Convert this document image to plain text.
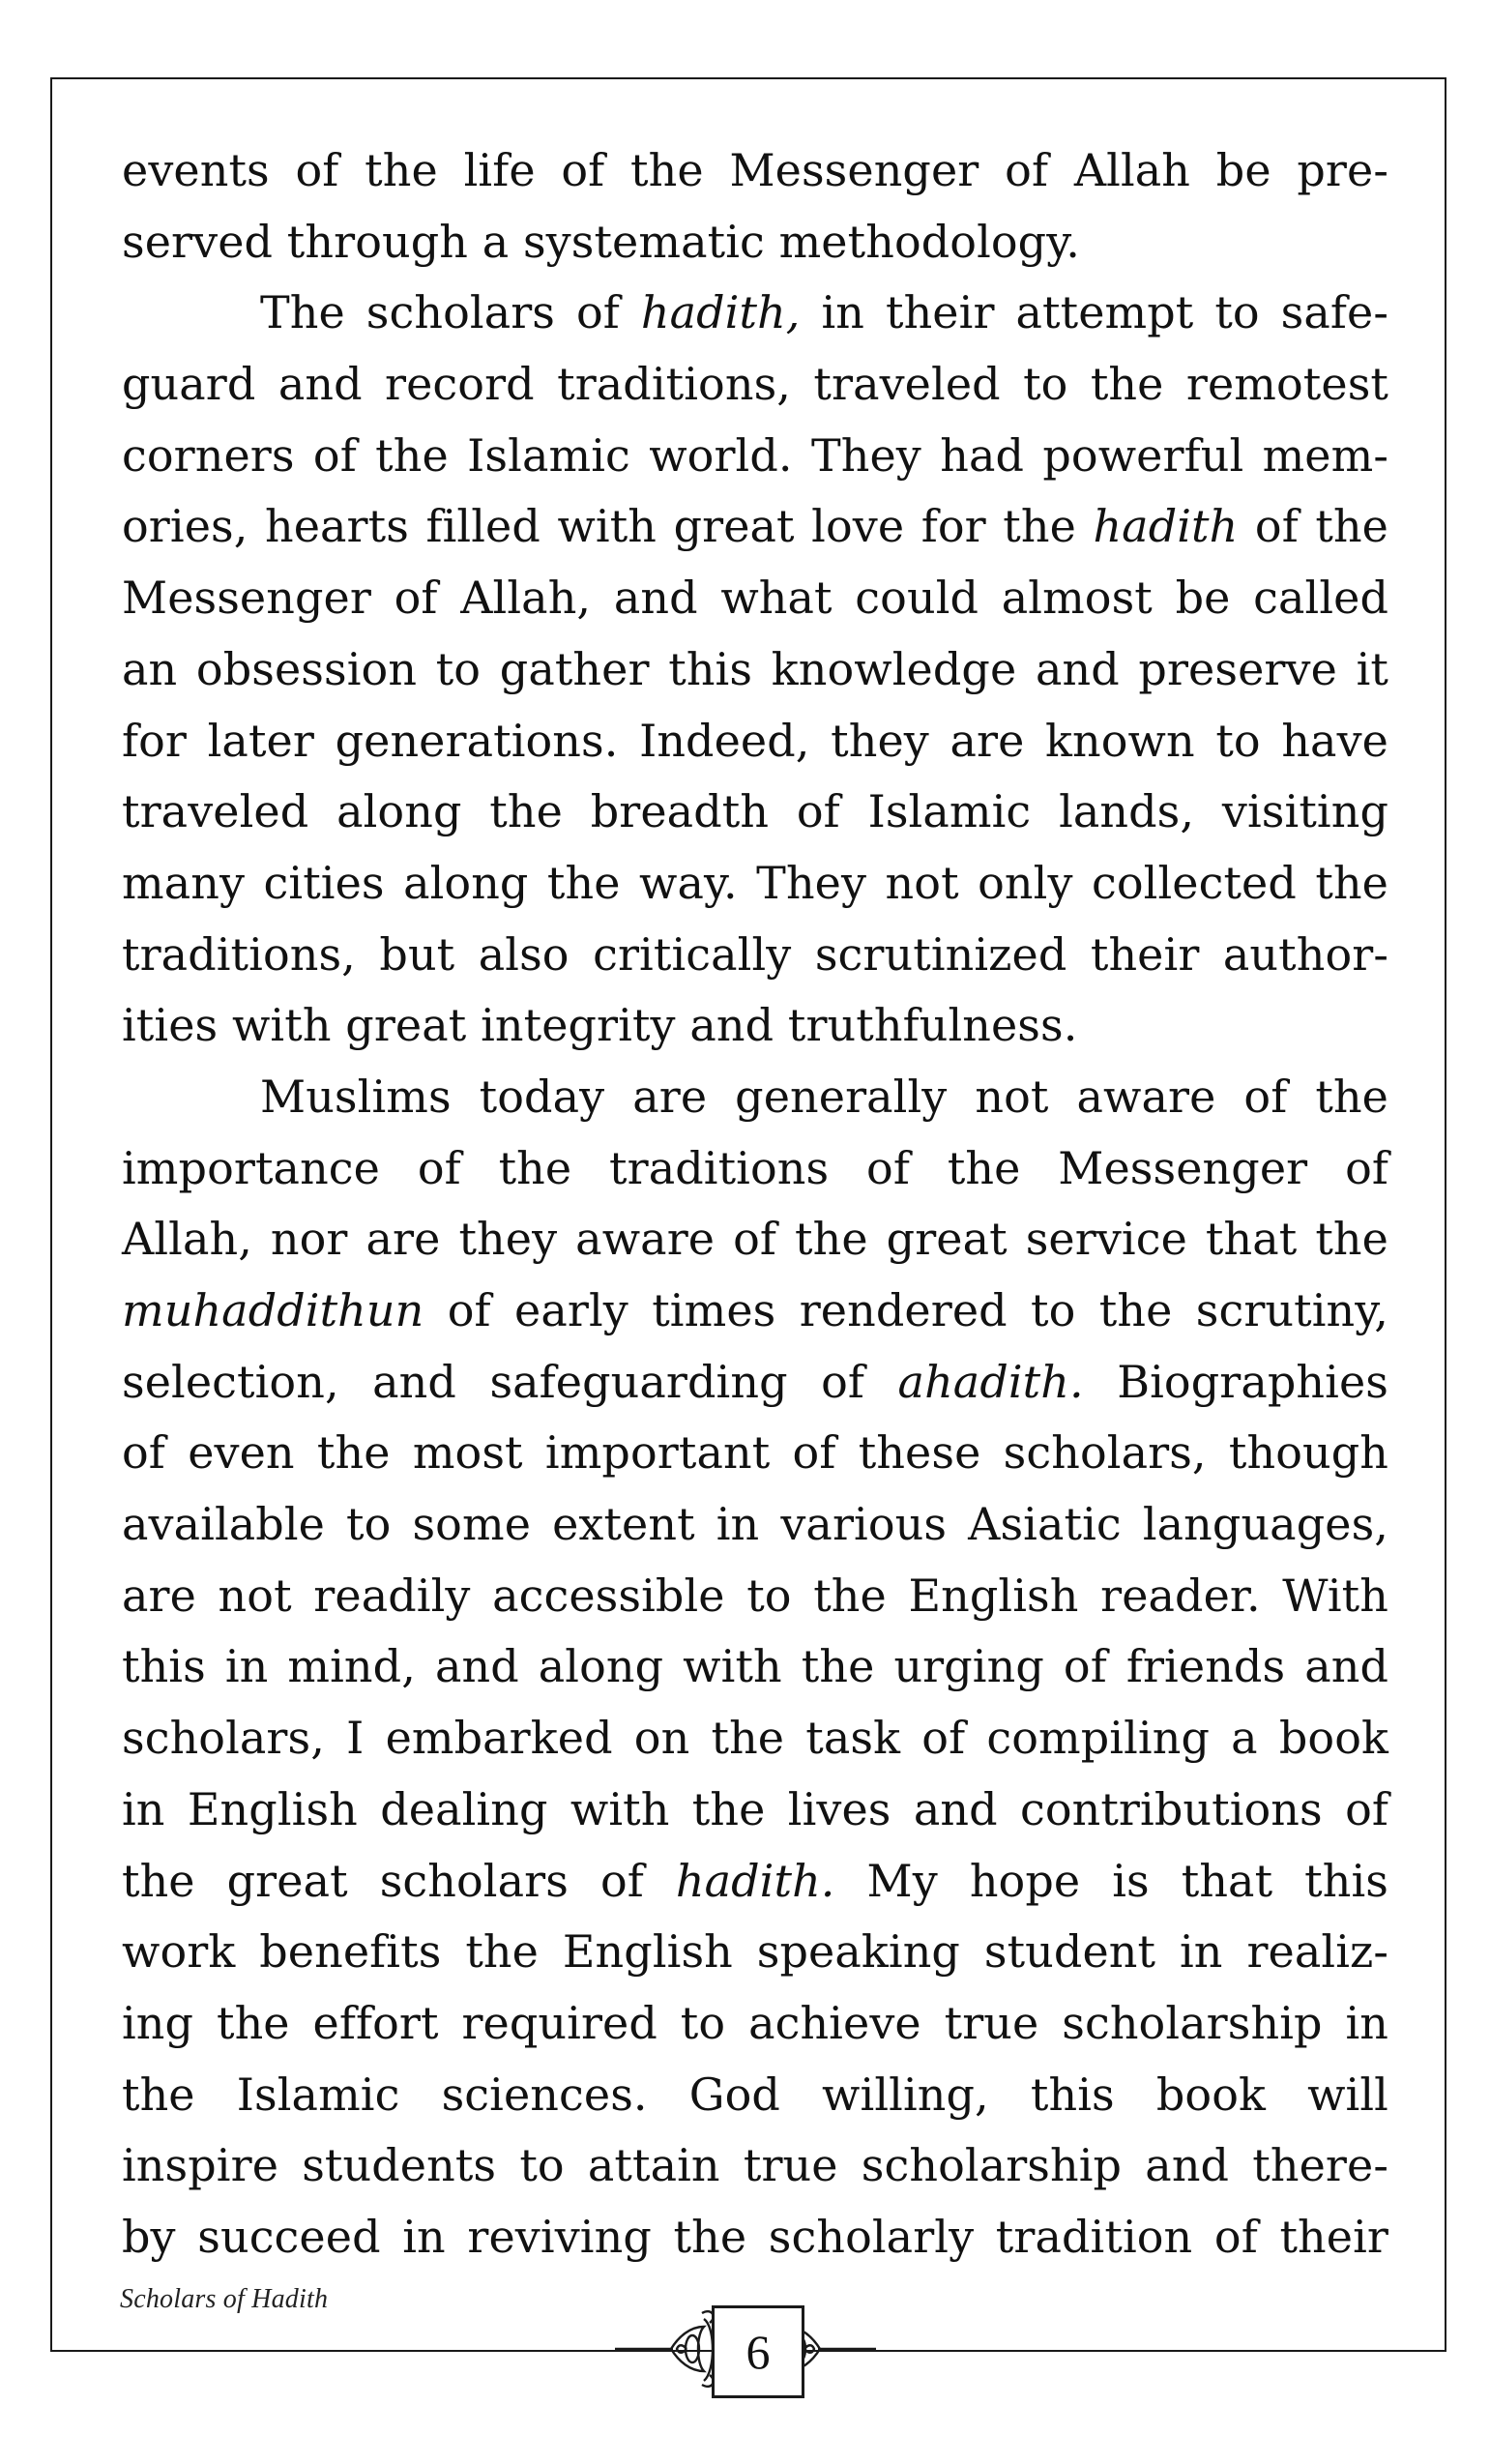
events of the life of the Messenger of Allah be pre-
served through a systematic methodology.
The scholars of hadith, in their attempt to safe-
guard and record traditions, traveled to the remotest
corners of the Islamic world. They had powerful mem-
ories, hearts filled with great love for the hadith of the
Messenger of Allah, and what could almost be called
an obsession to gather this knowledge and preserve it
for later generations. Indeed, they are known to have
traveled along the breadth of Islamic lands, visiting
many cities along the way. They not only collected the
traditions, but also critically scrutinized their author-
ities with great integrity and truthfulness.
Muslims today are generally not aware of the
importance of the traditions of the Messenger of
Allah, nor are they aware of the great service that the
muhaddithun of early times rendered to the scrutiny,
selection, and safeguarding of ahadith. Biographies
of even the most important of these scholars, though
available to some extent in various Asiatic languages,
are not readily accessible to the English reader. With
this in mind, and along with the urging of friends and
scholars, I embarked on the task of compiling a book
in English dealing with the lives and contributions of
the great scholars of hadith. My hope is that this
work benefits the English speaking student in realiz-
ing the effort required to achieve true scholarship in
the Islamic sciences. God willing, this book will
inspire students to attain true scholarship and there-
by succeed in reviving the scholarly tradition of their
Scholars of Hadith
6
